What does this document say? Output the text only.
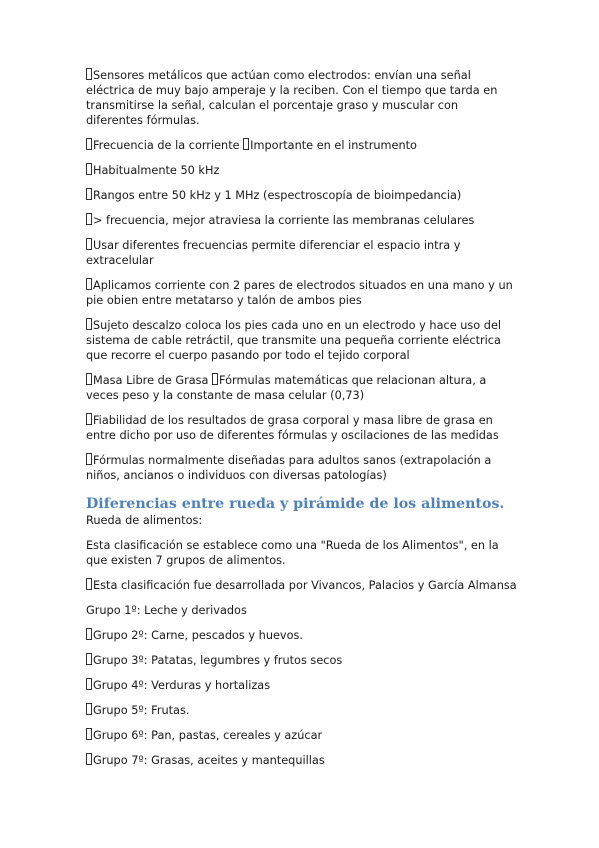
Sensores metálicos que actúan como electrodos: envían una señal eléctrica de muy bajo amperaje y la reciben. Con el tiempo que tarda en transmitirse la señal, calculan el porcentaje graso y muscular con diferentes fórmulas.

Frecuencia de la corriente Importante en el instrumento

Habitualmente 50 kHz

Rangos entre 50 kHz y 1 MHz (espectroscopía de bioimpedancia)

> frecuencia, mejor atraviesa la corriente las membranas celulares

Usar diferentes frecuencias permite diferenciar el espacio intra y extracelular

Aplicamos corriente con 2 pares de electrodos situados en una mano y un pie obien entre metatarso y talón de ambos pies

Sujeto descalzo coloca los pies cada uno en un electrodo y hace uso del sistema de cable retráctil, que transmite una pequeña corriente eléctrica que recorre el cuerpo pasando por todo el tejido corporal

Masa Libre de Grasa Fórmulas matemáticas que relacionan altura, a veces peso y la constante de masa celular (0,73)

Fiabilidad de los resultados de grasa corporal y masa libre de grasa en entre dicho por uso de diferentes fórmulas y oscilaciones de las medidas

Fórmulas normalmente diseñadas para adultos sanos (extrapolación a niños, ancianos o individuos con diversas patologías)

Diferencias entre rueda y pirámide de los alimentos.

Rueda de alimentos:

Esta clasificación se establece como una "Rueda de los Alimentos", en la que existen 7 grupos de alimentos.

Esta clasificación fue desarrollada por Vivancos, Palacios y García Almansa

Grupo 1º: Leche y derivados

Grupo 2º: Carne, pescados y huevos.

Grupo 3º: Patatas, legumbres y frutos secos

Grupo 4º: Verduras y hortalizas

Grupo 5º: Frutas.

Grupo 6º: Pan, pastas, cereales y azúcar

Grupo 7º: Grasas, aceites y mantequillas
